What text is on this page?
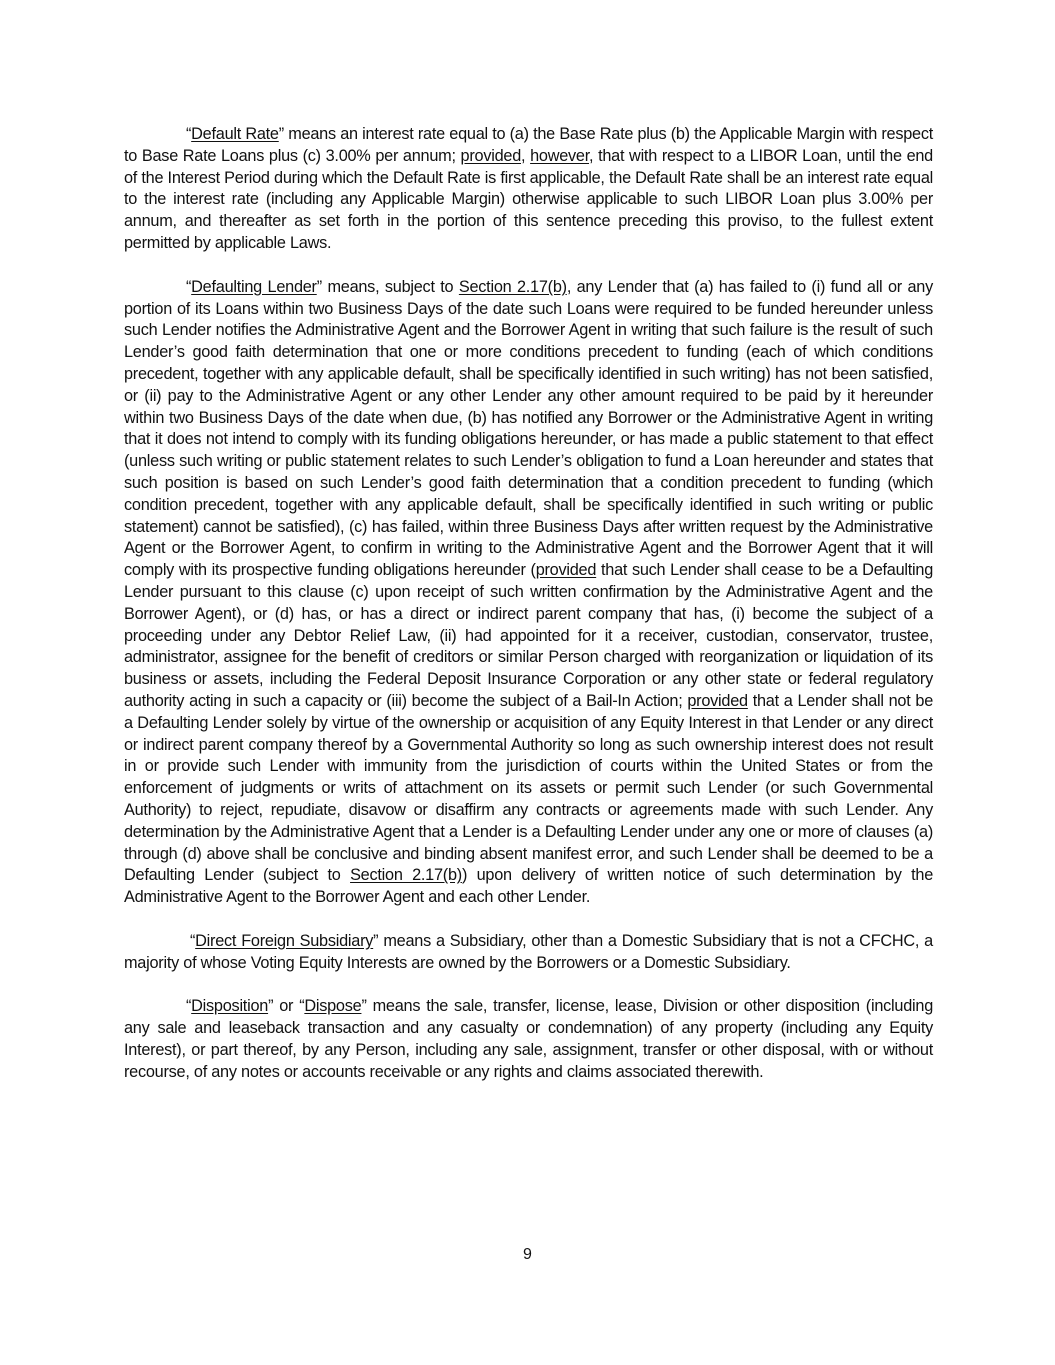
“Default Rate” means an interest rate equal to (a) the Base Rate plus (b) the Applicable Margin with respect to Base Rate Loans plus (c) 3.00% per annum; provided, however, that with respect to a LIBOR Loan, until the end of the Interest Period during which the Default Rate is first applicable, the Default Rate shall be an interest rate equal to the interest rate (including any Applicable Margin) otherwise applicable to such LIBOR Loan plus 3.00% per annum, and thereafter as set forth in the portion of this sentence preceding this proviso, to the fullest extent permitted by applicable Laws.

“Defaulting Lender” means, subject to Section 2.17(b), any Lender that (a) has failed to (i) fund all or any portion of its Loans within two Business Days of the date such Loans were required to be funded hereunder unless such Lender notifies the Administrative Agent and the Borrower Agent in writing that such failure is the result of such Lender’s good faith determination that one or more conditions precedent to funding (each of which conditions precedent, together with any applicable default, shall be specifically identified in such writing) has not been satisfied, or (ii) pay to the Administrative Agent or any other Lender any other amount required to be paid by it hereunder within two Business Days of the date when due, (b) has notified any Borrower or the Administrative Agent in writing that it does not intend to comply with its funding obligations hereunder, or has made a public statement to that effect (unless such writing or public statement relates to such Lender’s obligation to fund a Loan hereunder and states that such position is based on such Lender’s good faith determination that a condition precedent to funding (which condition precedent, together with any applicable default, shall be specifically identified in such writing or public statement) cannot be satisfied), (c) has failed, within three Business Days after written request by the Administrative Agent or the Borrower Agent, to confirm in writing to the Administrative Agent and the Borrower Agent that it will comply with its prospective funding obligations hereunder (provided that such Lender shall cease to be a Defaulting Lender pursuant to this clause (c) upon receipt of such written confirmation by the Administrative Agent and the Borrower Agent), or (d) has, or has a direct or indirect parent company that has, (i) become the subject of a proceeding under any Debtor Relief Law, (ii) had appointed for it a receiver, custodian, conservator, trustee, administrator, assignee for the benefit of creditors or similar Person charged with reorganization or liquidation of its business or assets, including the Federal Deposit Insurance Corporation or any other state or federal regulatory authority acting in such a capacity or (iii) become the subject of a Bail-In Action; provided that a Lender shall not be a Defaulting Lender solely by virtue of the ownership or acquisition of any Equity Interest in that Lender or any direct or indirect parent company thereof by a Governmental Authority so long as such ownership interest does not result in or provide such Lender with immunity from the jurisdiction of courts within the United States or from the enforcement of judgments or writs of attachment on its assets or permit such Lender (or such Governmental Authority) to reject, repudiate, disavow or disaffirm any contracts or agreements made with such Lender. Any determination by the Administrative Agent that a Lender is a Defaulting Lender under any one or more of clauses (a) through (d) above shall be conclusive and binding absent manifest error, and such Lender shall be deemed to be a Defaulting Lender (subject to Section 2.17(b)) upon delivery of written notice of such determination by the Administrative Agent to the Borrower Agent and each other Lender.

“Direct Foreign Subsidiary” means a Subsidiary, other than a Domestic Subsidiary that is not a CFCHC, a majority of whose Voting Equity Interests are owned by the Borrowers or a Domestic Subsidiary.

“Disposition” or “Dispose” means the sale, transfer, license, lease, Division or other disposition (including any sale and leaseback transaction and any casualty or condemnation) of any property (including any Equity Interest), or part thereof, by any Person, including any sale, assignment, transfer or other disposal, with or without recourse, of any notes or accounts receivable or any rights and claims associated therewith.

9
